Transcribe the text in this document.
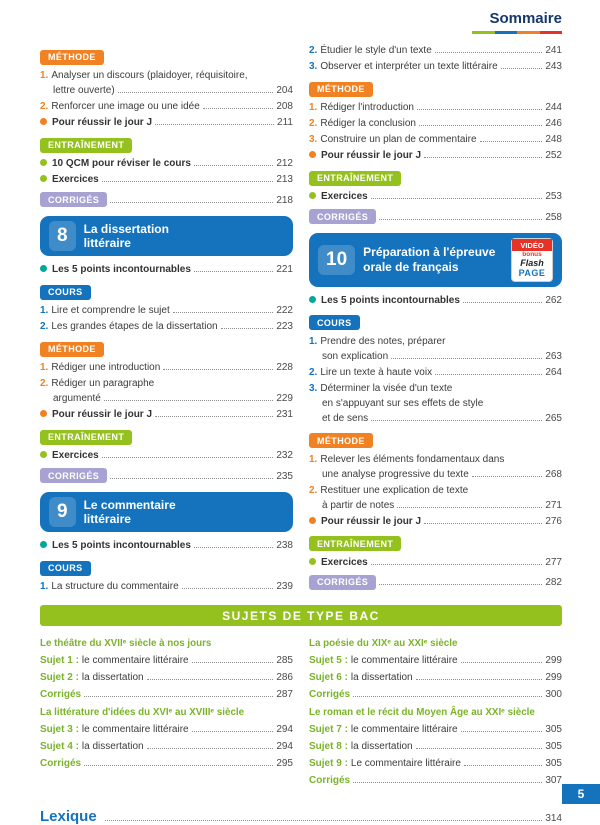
Sommaire
MÉTHODE
1. Analyser un discours (plaidoyer, réquisitoire,
lettre ouverte)	204
2. Renforcer une image ou une idée	208
Pour réussir le jour J	211
ENTRAÎNEMENT
10 QCM pour réviser le cours	212
Exercices	213
CORRIGÉS	218
8	La dissertation
littéraire
Les 5 points incontournables	221
COURS
1. Lire et comprendre le sujet	222
2. Les grandes étapes de la dissertation	223
MÉTHODE
1. Rédiger une introduction	228
2. Rédiger un paragraphe
argumenté	229
Pour réussir le jour J	231
ENTRAÎNEMENT
Exercices	232
CORRIGÉS	235
9	Le commentaire
littéraire
Les 5 points incontournables	238
COURS
1. La structure du commentaire	239
2. Étudier le style d'un texte	241
3. Observer et interpréter un texte littéraire	243
MÉTHODE
1. Rédiger l'introduction	244
2. Rédiger la conclusion	246
3. Construire un plan de commentaire	248
Pour réussir le jour J	252
ENTRAÎNEMENT
Exercices	253
CORRIGÉS	258
10	Préparation à l'épreuve
orale de français
VIDÉO
bonus
Flash
PAGE
Les 5 points incontournables	262
COURS
1. Prendre des notes, préparer
son explication	263
2. Lire un texte à haute voix	264
3. Déterminer la visée d'un texte
en s'appuyant sur ses effets de style
et de sens	265
MÉTHODE
1. Relever les éléments fondamentaux dans
une analyse progressive du texte	268
2. Restituer une explication de texte
à partir de notes	271
Pour réussir le jour J	276
ENTRAÎNEMENT
Exercices	277
CORRIGÉS	282
SUJETS DE TYPE BAC
Le théâtre du XVIIᵉ siècle à nos jours
Sujet 1 : le commentaire littéraire	285
Sujet 2 : la dissertation	286
Corrigés	287
La littérature d'idées du XVIᵉ au XVIIIᵉ siècle
Sujet 3 : le commentaire littéraire	294
Sujet 4 : la dissertation	294
Corrigés	295
La poésie du XIXᵉ au XXIᵉ siècle
Sujet 5 : le commentaire littéraire	299
Sujet 6 : la dissertation	299
Corrigés	300
Le roman et le récit du Moyen Âge au XXIᵉ siècle
Sujet 7 : le commentaire littéraire	305
Sujet 8 : la dissertation	305
Sujet 9 : Le commentaire littéraire	305
Corrigés	307
Lexique	314
5
